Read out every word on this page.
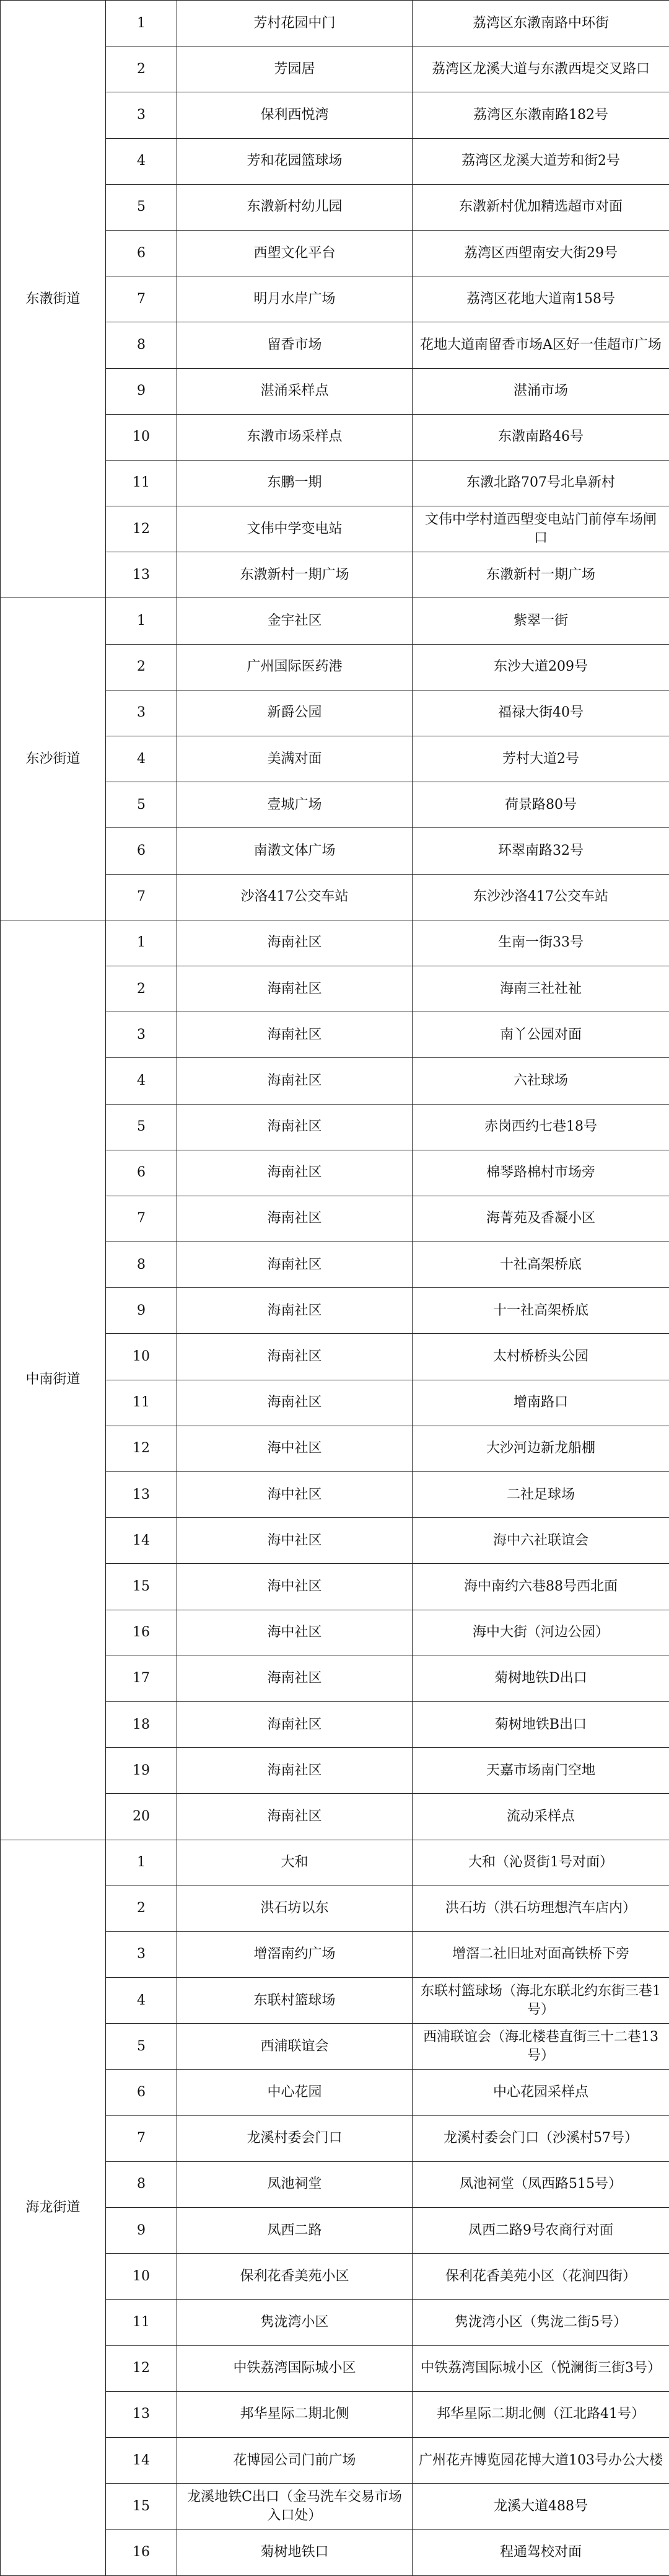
东漖街道	1	芳村花园中门	荔湾区东漖南路中环街
	2	芳园居	荔湾区龙溪大道与东漖西堤交叉路口
	3	保利西悦湾	荔湾区东漖南路182号
	4	芳和花园篮球场	荔湾区龙溪大道芳和街2号
	5	东漖新村幼儿园	东漖新村优加精选超市对面
	6	西塱文化平台	荔湾区西塱南安大街29号
	7	明月水岸广场	荔湾区花地大道南158号
	8	留香市场	花地大道南留香市场A区好一佳超市广场
	9	湛涌采样点	湛涌市场
	10	东漖市场采样点	东漖南路46号
	11	东鹏一期	东漖北路707号北阜新村
	12	文伟中学变电站	文伟中学村道西塱变电站门前停车场闸口
	13	东漖新村一期广场	东漖新村一期广场
东沙街道	1	金宇社区	紫翠一街
	2	广州国际医药港	东沙大道209号
	3	新爵公园	福禄大街40号
	4	美满对面	芳村大道2号
	5	壹城广场	荷景路80号
	6	南漖文体广场	环翠南路32号
	7	沙洛417公交车站	东沙沙洛417公交车站
中南街道	1	海南社区	生南一街33号
	2	海南社区	海南三社社祉
	3	海南社区	南丫公园对面
	4	海南社区	六社球场
	5	海南社区	赤岗西约七巷18号
	6	海南社区	棉琴路棉村市场旁
	7	海南社区	海菁苑及香凝小区
	8	海南社区	十社高架桥底
	9	海南社区	十一社高架桥底
	10	海南社区	太村桥桥头公园
	11	海南社区	增南路口
	12	海中社区	大沙河边新龙船棚
	13	海中社区	二社足球场
	14	海中社区	海中六社联谊会
	15	海中社区	海中南约六巷88号西北面
	16	海中社区	海中大街（河边公园）
	17	海南社区	菊树地铁D出口
	18	海南社区	菊树地铁B出口
	19	海南社区	天嘉市场南门空地
	20	海南社区	流动采样点
海龙街道	1	大和	大和（沁贤街1号对面）
	2	洪石坊以东	洪石坊（洪石坊理想汽车店内）
	3	增滘南约广场	增滘二社旧址对面高铁桥下旁
	4	东联村篮球场	东联村篮球场（海北东联北约东街三巷1号）
	5	西浦联谊会	西浦联谊会（海北楼巷直街三十二巷13号）
	6	中心花园	中心花园采样点
	7	龙溪村委会门口	龙溪村委会门口（沙溪村57号）
	8	凤池祠堂	凤池祠堂（凤西路515号）
	9	凤西二路	凤西二路9号农商行对面
	10	保利花香美苑小区	保利花香美苑小区（花涧四街）
	11	隽泷湾小区	隽泷湾小区（隽泷二街5号）
	12	中铁荔湾国际城小区	中铁荔湾国际城小区（悦澜街三街3号）
	13	邦华星际二期北侧	邦华星际二期北侧（江北路41号）
	14	花博园公司门前广场	广州花卉博览园花博大道103号办公大楼
	15	龙溪地铁C出口（金马洗车交易市场入口处）	龙溪大道488号
	16	菊树地铁口	程通驾校对面
